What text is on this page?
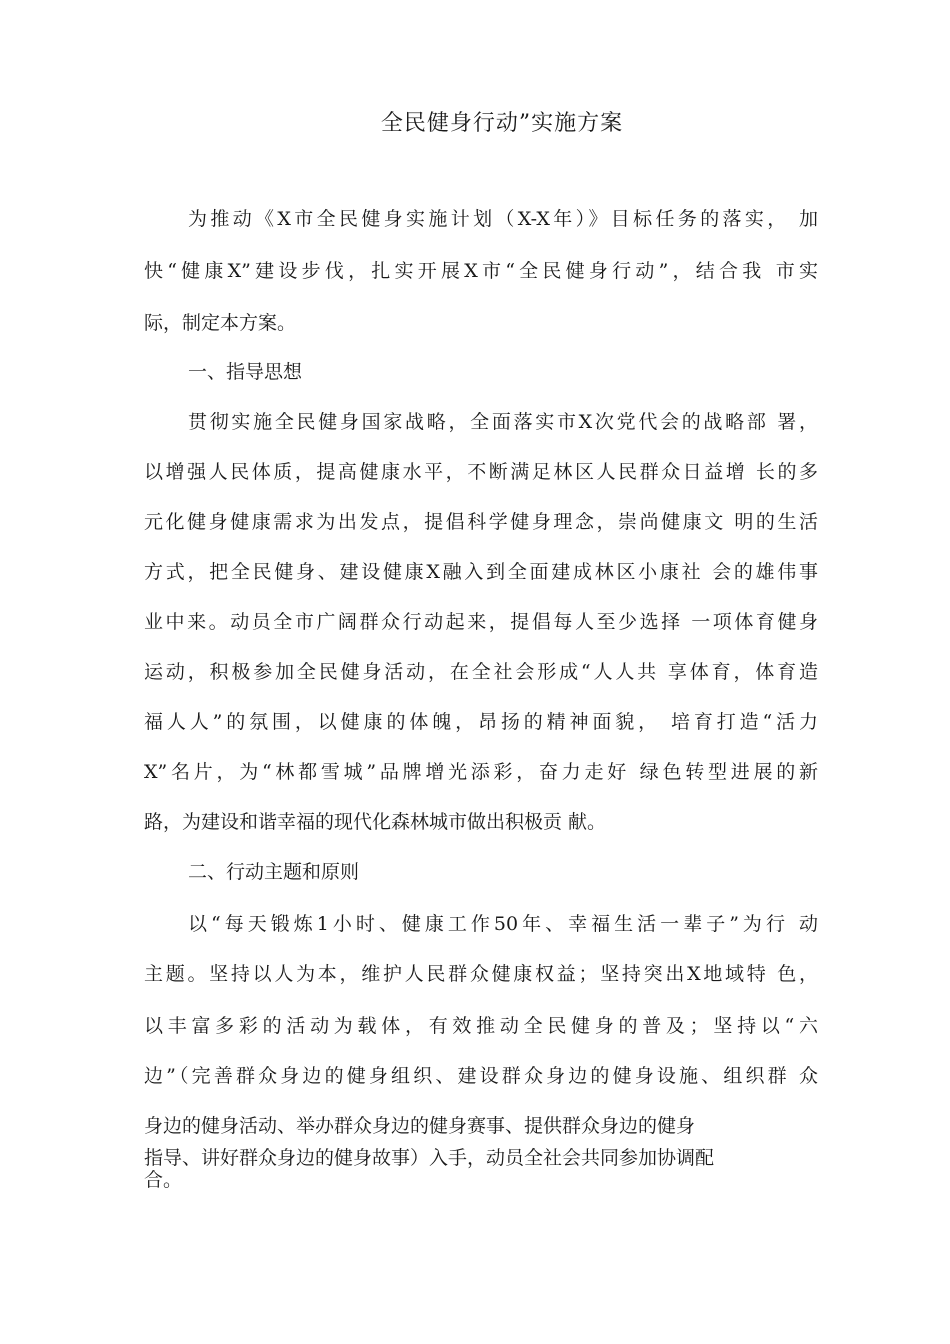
全民健身行动”实施方案
为推动《X市全民健身实施计划（X-X年）》目标任务的落实， 加
快“健康X”建设步伐，扎实开展X市“全民健身行动”，结合我 市实
际，制定本方案。
一、指导思想
贯彻实施全民健身国家战略，全面落实市X次党代会的战略部 署，
以增强人民体质，提高健康水平，不断满足林区人民群众日益增 长的多
元化健身健康需求为出发点，提倡科学健身理念，崇尚健康文 明的生活
方式，把全民健身、建设健康X融入到全面建成林区小康社 会的雄伟事
业中来。动员全市广阔群众行动起来，提倡每人至少选择 一项体育健身
运动，积极参加全民健身活动，在全社会形成“人人共 享体育，体育造
福人人”的氛围，以健康的体魄，昂扬的精神面貌， 培育打造“活力
X”名片，为“林都雪城”品牌增光添彩，奋力走好 绿色转型进展的新
路，为建设和谐幸福的现代化森林城市做出积极贡 献。
二、行动主题和原则
以“每天锻炼1小时、健康工作50年、幸福生活一辈子”为行 动
主题。坚持以人为本，维护人民群众健康权益；坚持突出X地域特 色，
以丰富多彩的活动为载体，有效推动全民健身的普及；坚持以“六
边”（完善群众身边的健身组织、建设群众身边的健身设施、组织群 众
身边的健身活动、举办群众身边的健身赛事、提供群众身边的健身
指导、讲好群众身边的健身故事）入手，动员全社会共同参加协调配
合。
